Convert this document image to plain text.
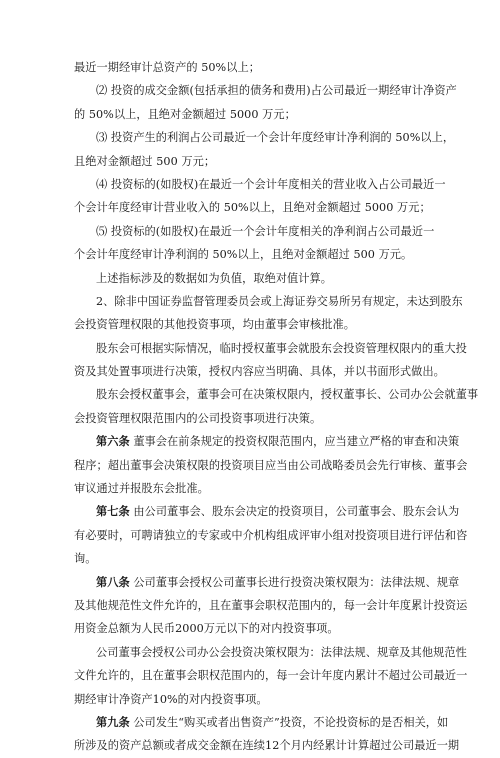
最近一期经审计总资产的 50%以上；
⑵ 投资的成交金额(包括承担的债务和费用)占公司最近一期经审计净资产
的 50%以上，且绝对金额超过 5000 万元；
⑶ 投资产生的利润占公司最近一个会计年度经审计净利润的 50%以上，
且绝对金额超过 500 万元；
⑷ 投资标的(如股权)在最近一个会计年度相关的营业收入占公司最近一
个会计年度经审计营业收入的 50%以上，且绝对金额超过 5000 万元；
⑸ 投资标的(如股权)在最近一个会计年度相关的净利润占公司最近一
个会计年度经审计净利润的 50%以上，且绝对金额超过 500 万元。
上述指标涉及的数据如为负值，取绝对值计算。
2、除非中国证券监督管理委员会或上海证券交易所另有规定，未达到股东
会投资管理权限的其他投资事项，均由董事会审核批准。
股东会可根据实际情况，临时授权董事会就股东会投资管理权限内的重大投
资及其处置事项进行决策，授权内容应当明确、具体，并以书面形式做出。
股东会授权董事会，董事会可在决策权限内，授权董事长、公司办公会就董事
会投资管理权限范围内的公司投资事项进行决策。
第六条 董事会在前条规定的投资权限范围内，应当建立严格的审查和决策
程序；超出董事会决策权限的投资项目应当由公司战略委员会先行审核、董事会
审议通过并报股东会批准。
第七条 由公司董事会、股东会决定的投资项目，公司董事会、股东会认为
有必要时，可聘请独立的专家或中介机构组成评审小组对投资项目进行评估和咨
询。
第八条 公司董事会授权公司董事长进行投资决策权限为：法律法规、规章
及其他规范性文件允许的，且在董事会职权范围内的，每一会计年度累计投资运
用资金总额为人民币2000万元以下的对内投资事项。
公司董事会授权公司办公会投资决策权限为：法律法规、规章及其他规范性
文件允许的，且在董事会职权范围内的，每一会计年度内累计不超过公司最近一
期经审计净资产10%的对内投资事项。
第九条 公司发生“购买或者出售资产”投资，不论投资标的是否相关，如
所涉及的资产总额或者成交金额在连续12个月内经累计计算超过公司最近一期
